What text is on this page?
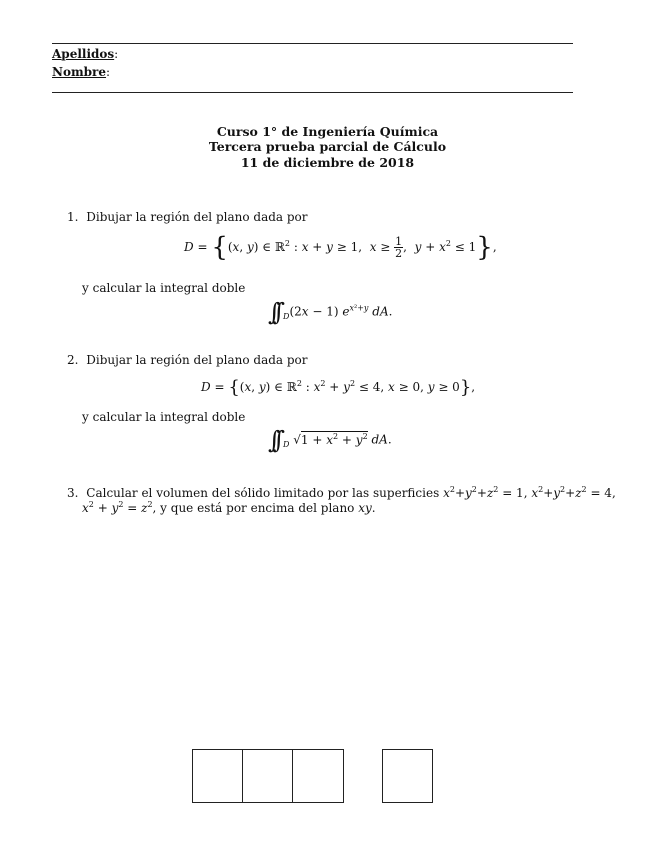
Apellidos:
Nombre:
Curso 1° de Ingeniería Química
Tercera prueba parcial de Cálculo
11 de diciembre de 2018
1. Dibujar la región del plano dada por
D = {(x, y) ∈ ℝ$^2$ : x + y ≥ 1,  $x \ge \frac{1}{2}$ ,  $y + x^2 \le 1$},
y calcular la integral doble
∫∫ $_D$(2x − 1) $e^{x^2+y}$ dA.
2. Dibujar la región del plano dada por
D = {(x, y) ∈ ℝ$^2$ : $x^2 + y^2 \le 4$, x ≥ 0, y ≥ 0},
y calcular la integral doble
∫∫ $_D$ $√1 + x^2 + y^2$ dA.
3. Calcular el volumen del sólido limitado por las superficies $x^2+y^2+z^2 = 1$, $x^2+y^2+z^2 = 4$,
$x^2 + y^2 = z^2$, y que está por encima del plano xy.
